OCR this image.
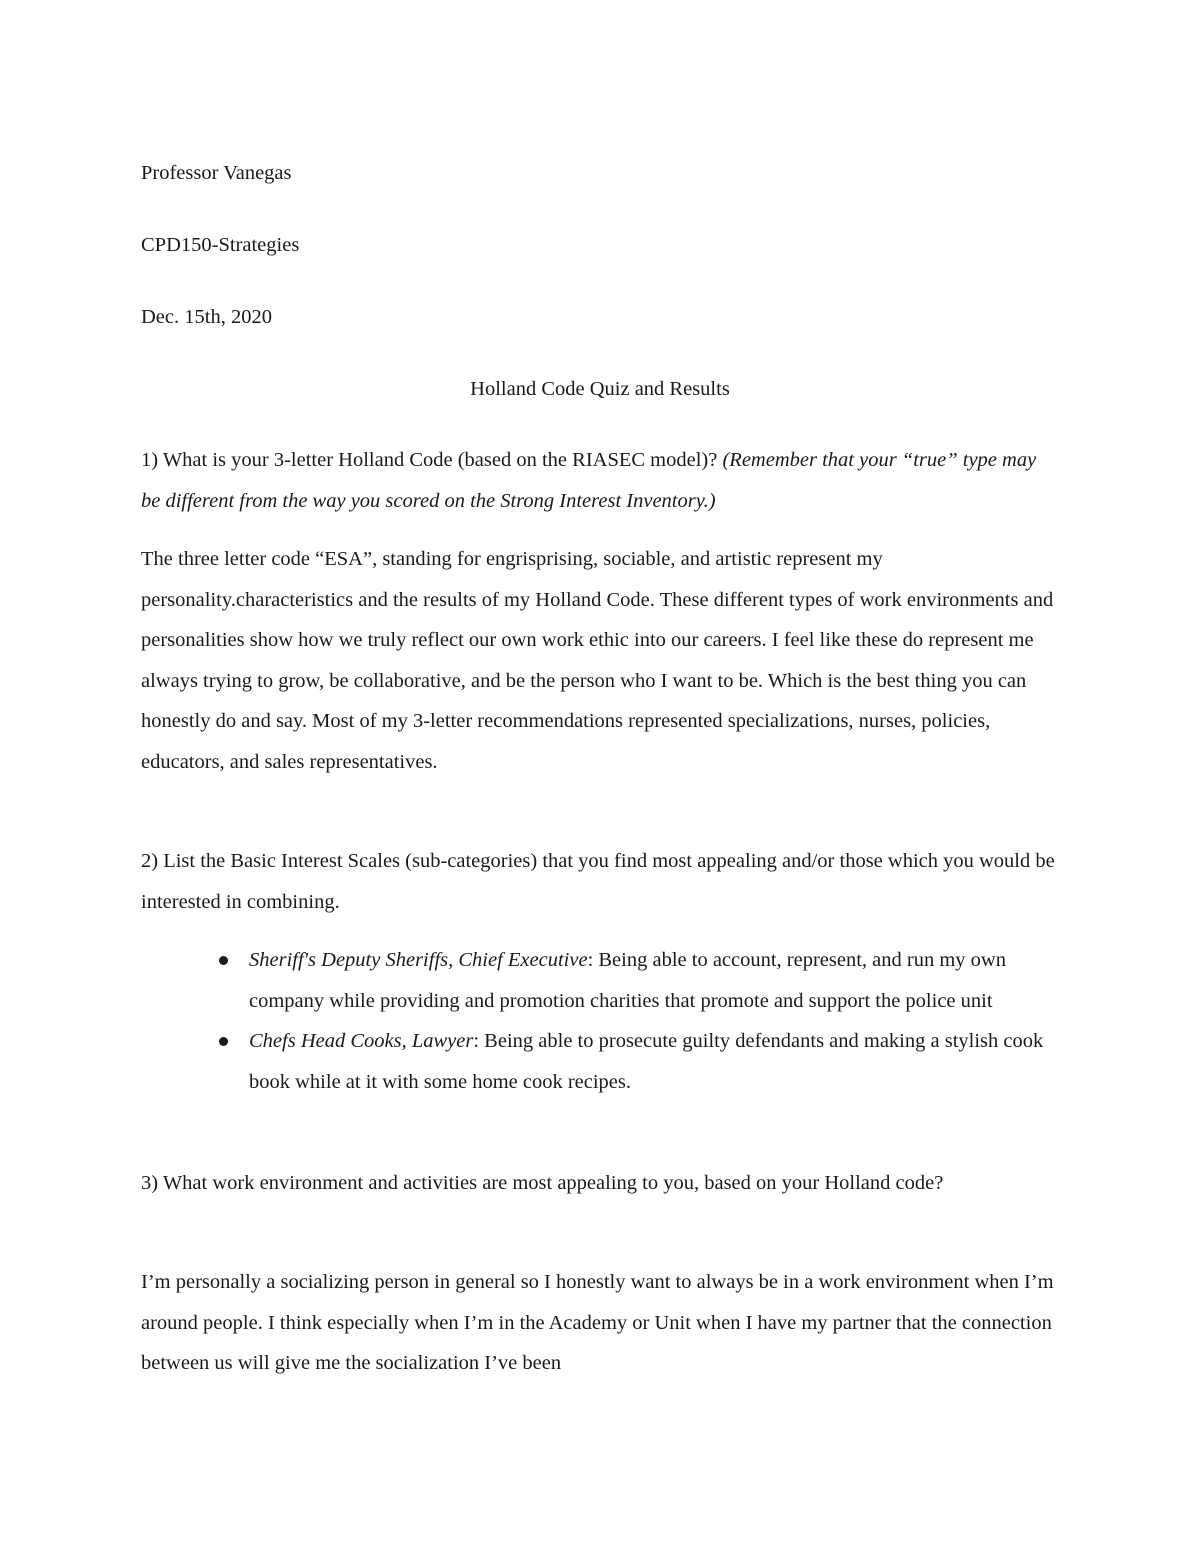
Professor Vanegas

CPD150-Strategies

Dec. 15th, 2020

Holland Code Quiz and Results

1) What is your 3-letter Holland Code (based on the RIASEC model)? (Remember that your “true” type may be different from the way you scored on the Strong Interest Inventory.)

The three letter code “ESA”, standing for engrisprising, sociable, and artistic represent my personality.characteristics and the results of my Holland Code. These different types of work environments and personalities show how we truly reflect our own work ethic into our careers. I feel like these do represent me always trying to grow, be collaborative, and be the person who I want to be. Which is the best thing you can honestly do and say. Most of my 3-letter recommendations represented specializations, nurses, policies, educators, and sales representatives.

2) List the Basic Interest Scales (sub-categories) that you find most appealing and/or those which you would be interested in combining.

Sheriff's Deputy Sheriffs, Chief Executive: Being able to account, represent, and run my own company while providing and promotion charities that promote and support the police unit
Chefs Head Cooks, Lawyer: Being able to prosecute guilty defendants and making a stylish cook book while at it with some home cook recipes.

3) What work environment and activities are most appealing to you, based on your Holland code?

I’m personally a socializing person in general so I honestly want to always be in a work environment when I’m around people. I think especially when I’m in the Academy or Unit when I have my partner that the connection between us will give me the socialization I’ve been
